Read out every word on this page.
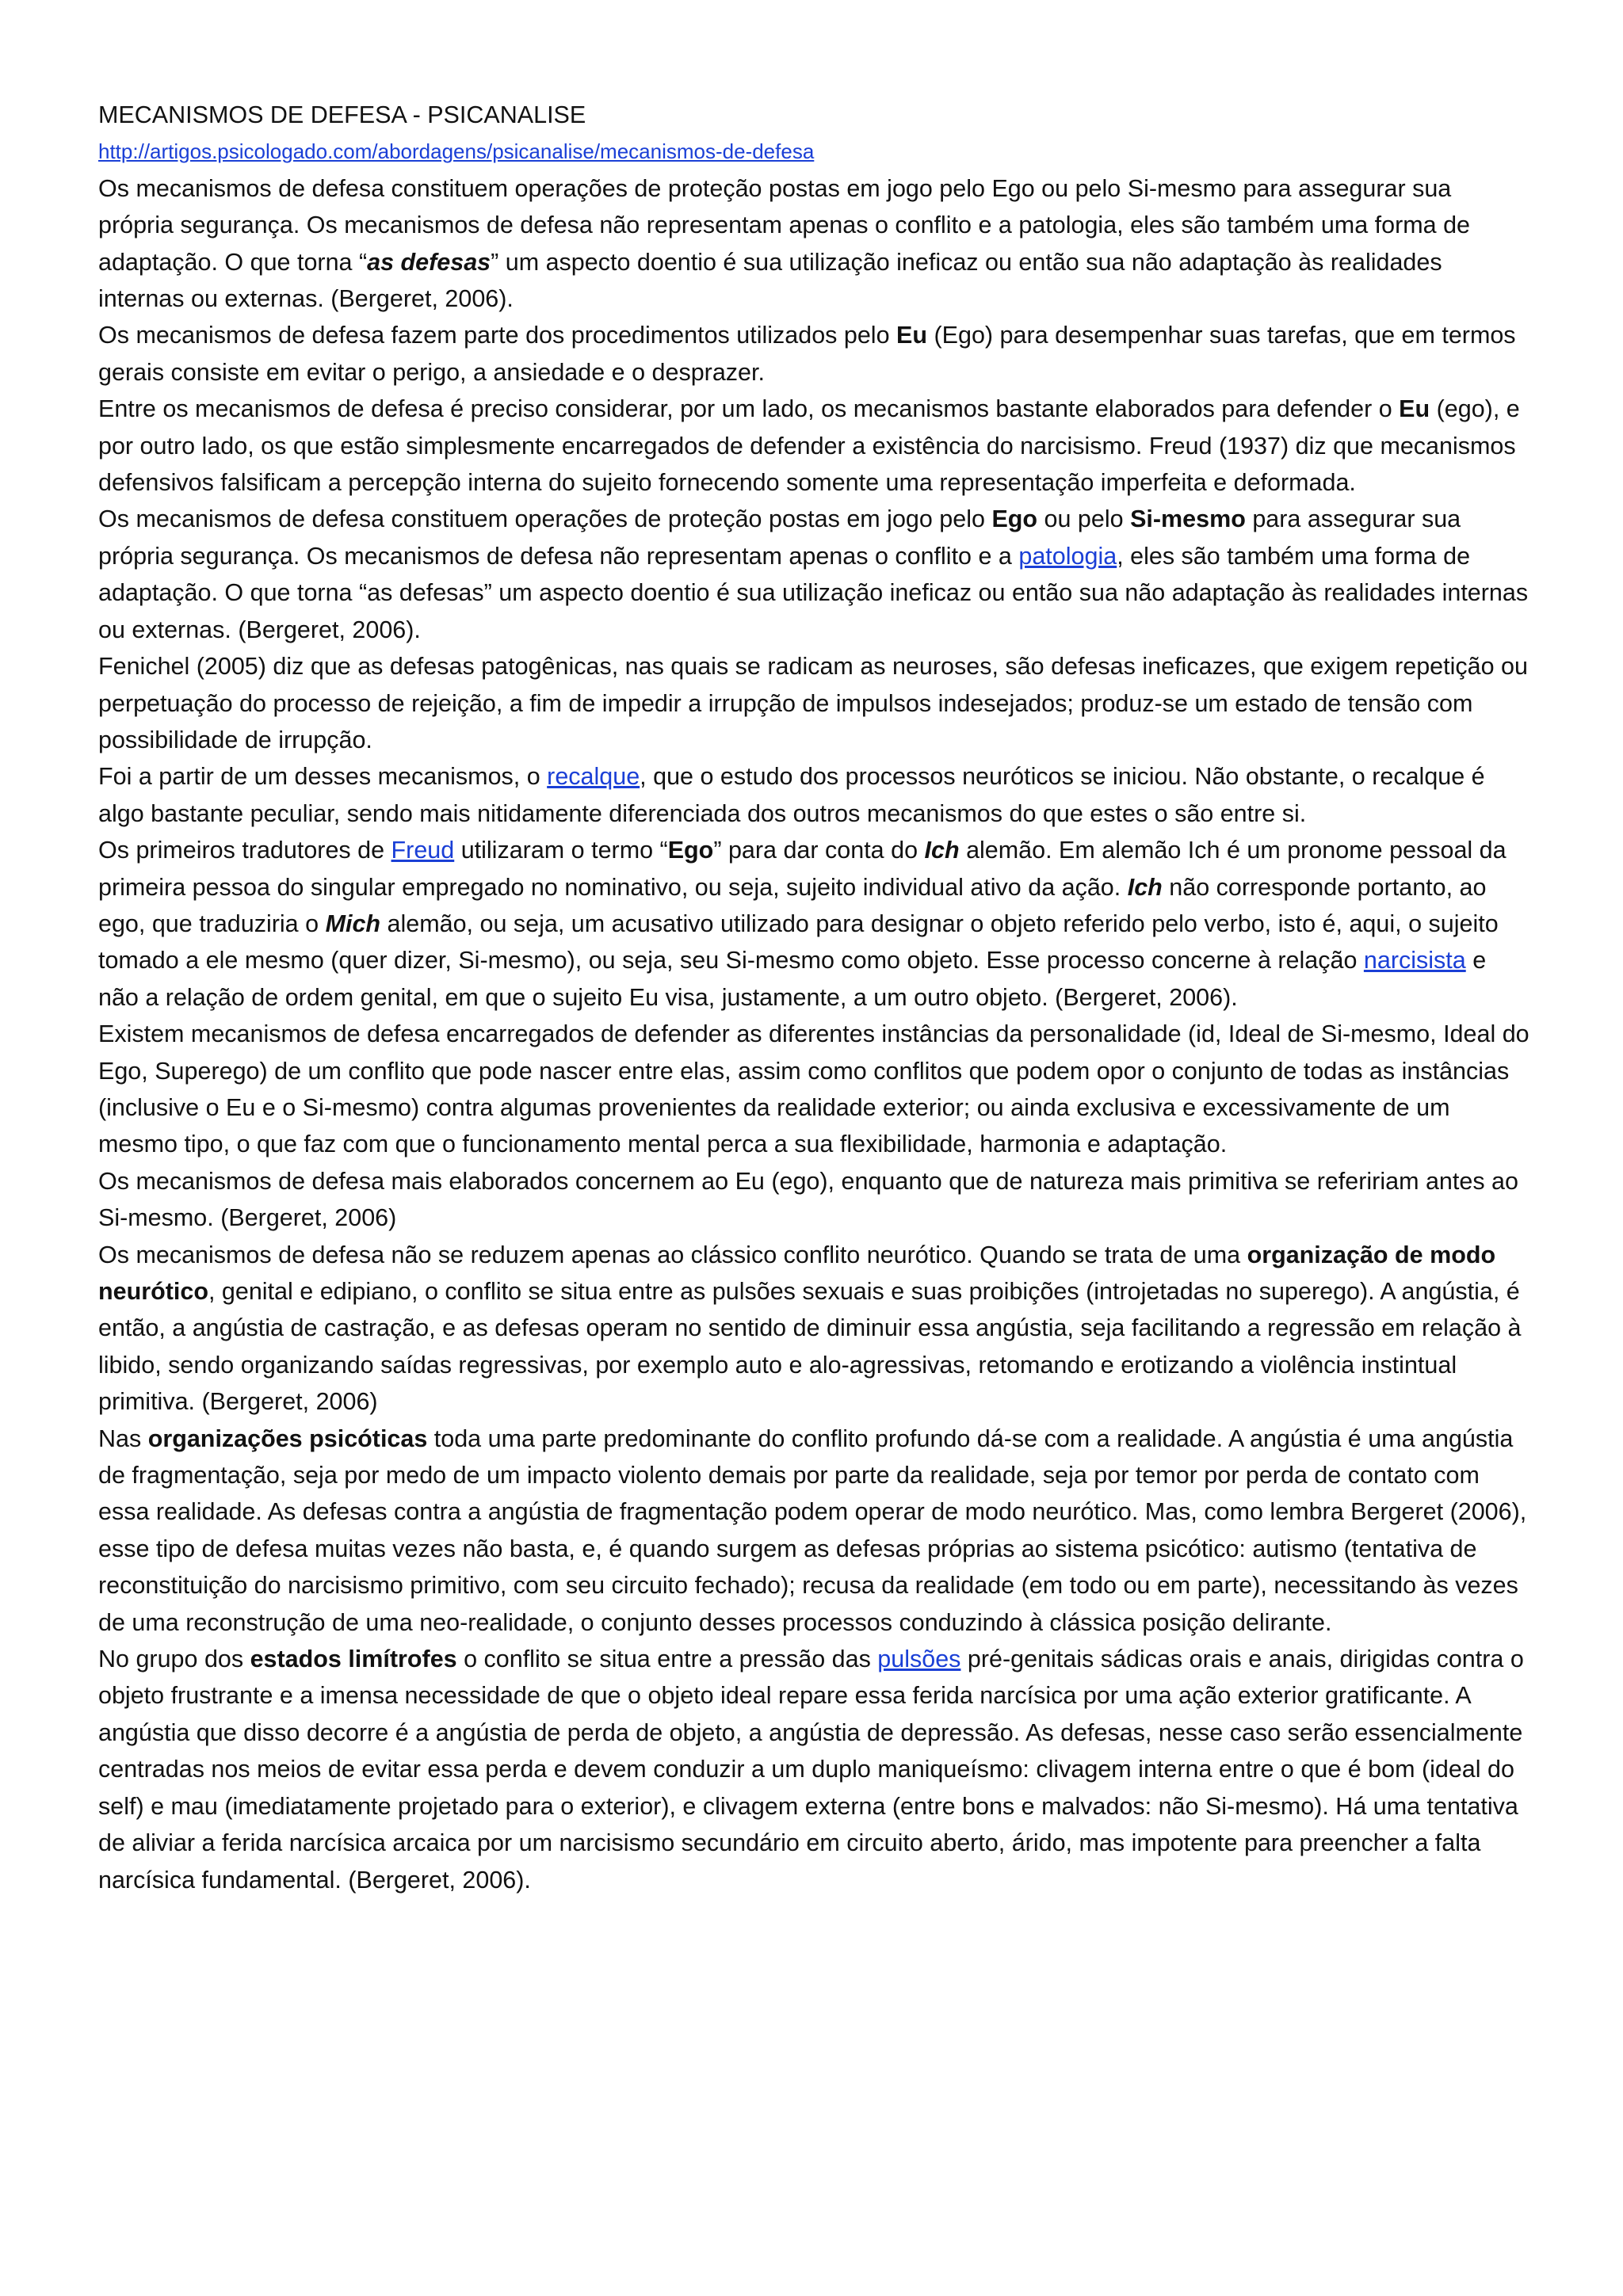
MECANISMOS DE DEFESA - PSICANALISE
http://artigos.psicologado.com/abordagens/psicanalise/mecanismos-de-defesa

Os mecanismos de defesa constituem operações de proteção postas em jogo pelo Ego ou pelo Si-mesmo para assegurar sua própria segurança. Os mecanismos de defesa não representam apenas o conflito e a patologia, eles são também uma forma de adaptação. O que torna “as defesas” um aspecto doentio é sua utilização ineficaz ou então sua não adaptação às realidades internas ou externas. (Bergeret, 2006).

Os mecanismos de defesa fazem parte dos procedimentos utilizados pelo Eu (Ego) para desempenhar suas tarefas, que em termos gerais consiste em evitar o perigo, a ansiedade e o desprazer.

Entre os mecanismos de defesa é preciso considerar, por um lado, os mecanismos bastante elaborados para defender o Eu (ego), e por outro lado, os que estão simplesmente encarregados de defender a existência do narcisismo. Freud (1937) diz que mecanismos defensivos falsificam a percepção interna do sujeito fornecendo somente uma representação imperfeita e deformada.

Os mecanismos de defesa constituem operações de proteção postas em jogo pelo Ego ou pelo Si-mesmo para assegurar sua própria segurança. Os mecanismos de defesa não representam apenas o conflito e a patologia, eles são também uma forma de adaptação. O que torna “as defesas” um aspecto doentio é sua utilização ineficaz ou então sua não adaptação às realidades internas ou externas. (Bergeret, 2006).

Fenichel (2005) diz que as defesas patogênicas, nas quais se radicam as neuroses, são defesas ineficazes, que exigem repetição ou perpetuação do processo de rejeição, a fim de impedir a irrupção de impulsos indesejados; produz-se um estado de tensão com possibilidade de irrupção.

Foi a partir de um desses mecanismos, o recalque, que o estudo dos processos neuróticos se iniciou. Não obstante, o recalque é algo bastante peculiar, sendo mais nitidamente diferenciada dos outros mecanismos do que estes o são entre si.

Os primeiros tradutores de Freud utilizaram o termo “Ego” para dar conta do Ich alemão. Em alemão Ich é um pronome pessoal da primeira pessoa do singular empregado no nominativo, ou seja, sujeito individual ativo da ação. Ich não corresponde portanto, ao ego, que traduziria o Mich alemão, ou seja, um acusativo utilizado para designar o objeto referido pelo verbo, isto é, aqui, o sujeito tomado a ele mesmo (quer dizer, Si-mesmo), ou seja, seu Si-mesmo como objeto. Esse processo concerne à relação narcisista e não a relação de ordem genital, em que o sujeito Eu visa, justamente, a um outro objeto. (Bergeret, 2006).

Existem mecanismos de defesa encarregados de defender as diferentes instâncias da personalidade (id, Ideal de Si-mesmo, Ideal do Ego, Superego) de um conflito que pode nascer entre elas, assim como conflitos que podem opor o conjunto de todas as instâncias (inclusive o Eu e o Si-mesmo) contra algumas provenientes da realidade exterior; ou ainda exclusiva e excessivamente de um mesmo tipo, o que faz com que o funcionamento mental perca a sua flexibilidade, harmonia e adaptação.

Os mecanismos de defesa mais elaborados concernem ao Eu (ego), enquanto que de natureza mais primitiva se refeririam antes ao Si-mesmo. (Bergeret, 2006)

Os mecanismos de defesa não se reduzem apenas ao clássico conflito neurótico. Quando se trata de uma organização de modo neurótico, genital e edipiano, o conflito se situa entre as pulsões sexuais e suas proibições (introjetadas no superego). A angústia, é então, a angústia de castração, e as defesas operam no sentido de diminuir essa angústia, seja facilitando a regressão em relação à libido, sendo organizando saídas regressivas, por exemplo auto e alo-agressivas, retomando e erotizando a violência instintual primitiva. (Bergeret, 2006)

Nas organizações psicóticas toda uma parte predominante do conflito profundo dá-se com a realidade. A angústia é uma angústia de fragmentação, seja por medo de um impacto violento demais por parte da realidade, seja por temor por perda de contato com essa realidade. As defesas contra a angústia de fragmentação podem operar de modo neurótico. Mas, como lembra Bergeret (2006), esse tipo de defesa muitas vezes não basta, e, é quando surgem as defesas próprias ao sistema psicótico: autismo (tentativa de reconstituição do narcisismo primitivo, com seu circuito fechado); recusa da realidade (em todo ou em parte), necessitando às vezes de uma reconstrução de uma neo-realidade, o conjunto desses processos conduzindo à clássica posição delirante.

No grupo dos estados limítrofes o conflito se situa entre a pressão das pulsões pré-genitais sádicas orais e anais, dirigidas contra o objeto frustrante e a imensa necessidade de que o objeto ideal repare essa ferida narcísica por uma ação exterior gratificante. A angústia que disso decorre é a angústia de perda de objeto, a angústia de depressão. As defesas, nesse caso serão essencialmente centradas nos meios de evitar essa perda e devem conduzir a um duplo maniqueísmo: clivagem interna entre o que é bom (ideal do self) e mau (imediatamente projetado para o exterior), e clivagem externa (entre bons e malvados: não Si-mesmo). Há uma tentativa de aliviar a ferida narcísica arcaica por um narcisismo secundário em circuito aberto, árido, mas impotente para preencher a falta narcísica fundamental. (Bergeret, 2006).
